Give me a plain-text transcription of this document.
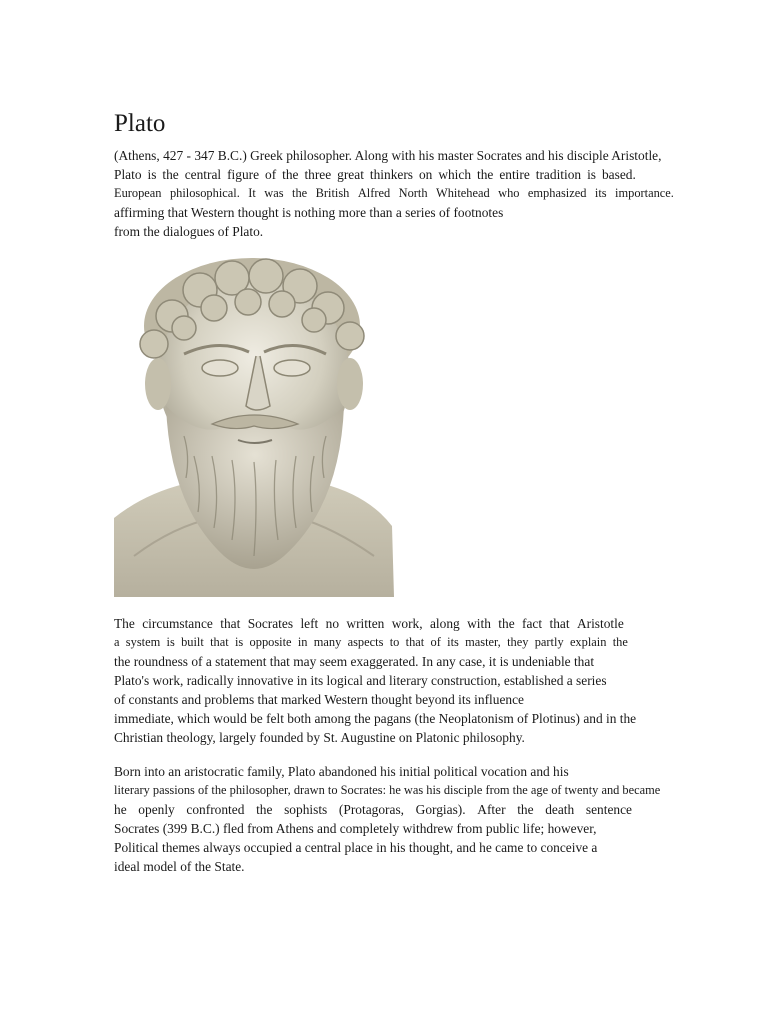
Plato
(Athens, 427 - 347 B.C.) Greek philosopher. Along with his master Socrates and his disciple Aristotle,
Plato is the central figure of the three great thinkers on which the entire tradition is based.
European philosophical. It was the British Alfred North Whitehead who emphasized its importance.
affirming that Western thought is nothing more than a series of footnotes
from the dialogues of Plato.
The circumstance that Socrates left no written work, along with the fact that Aristotle
a system is built that is opposite in many aspects to that of its master, they partly explain the
the roundness of a statement that may seem exaggerated. In any case, it is undeniable that
Plato's work, radically innovative in its logical and literary construction, established a series
of constants and problems that marked Western thought beyond its influence
immediate, which would be felt both among the pagans (the Neoplatonism of Plotinus) and in the
Christian theology, largely founded by St. Augustine on Platonic philosophy.
Born into an aristocratic family, Plato abandoned his initial political vocation and his
literary passions of the philosopher, drawn to Socrates: he was his disciple from the age of twenty and became
he openly confronted the sophists (Protagoras, Gorgias). After the death sentence
Socrates (399 B.C.) fled from Athens and completely withdrew from public life; however,
Political themes always occupied a central place in his thought, and he came to conceive a
ideal model of the State.
